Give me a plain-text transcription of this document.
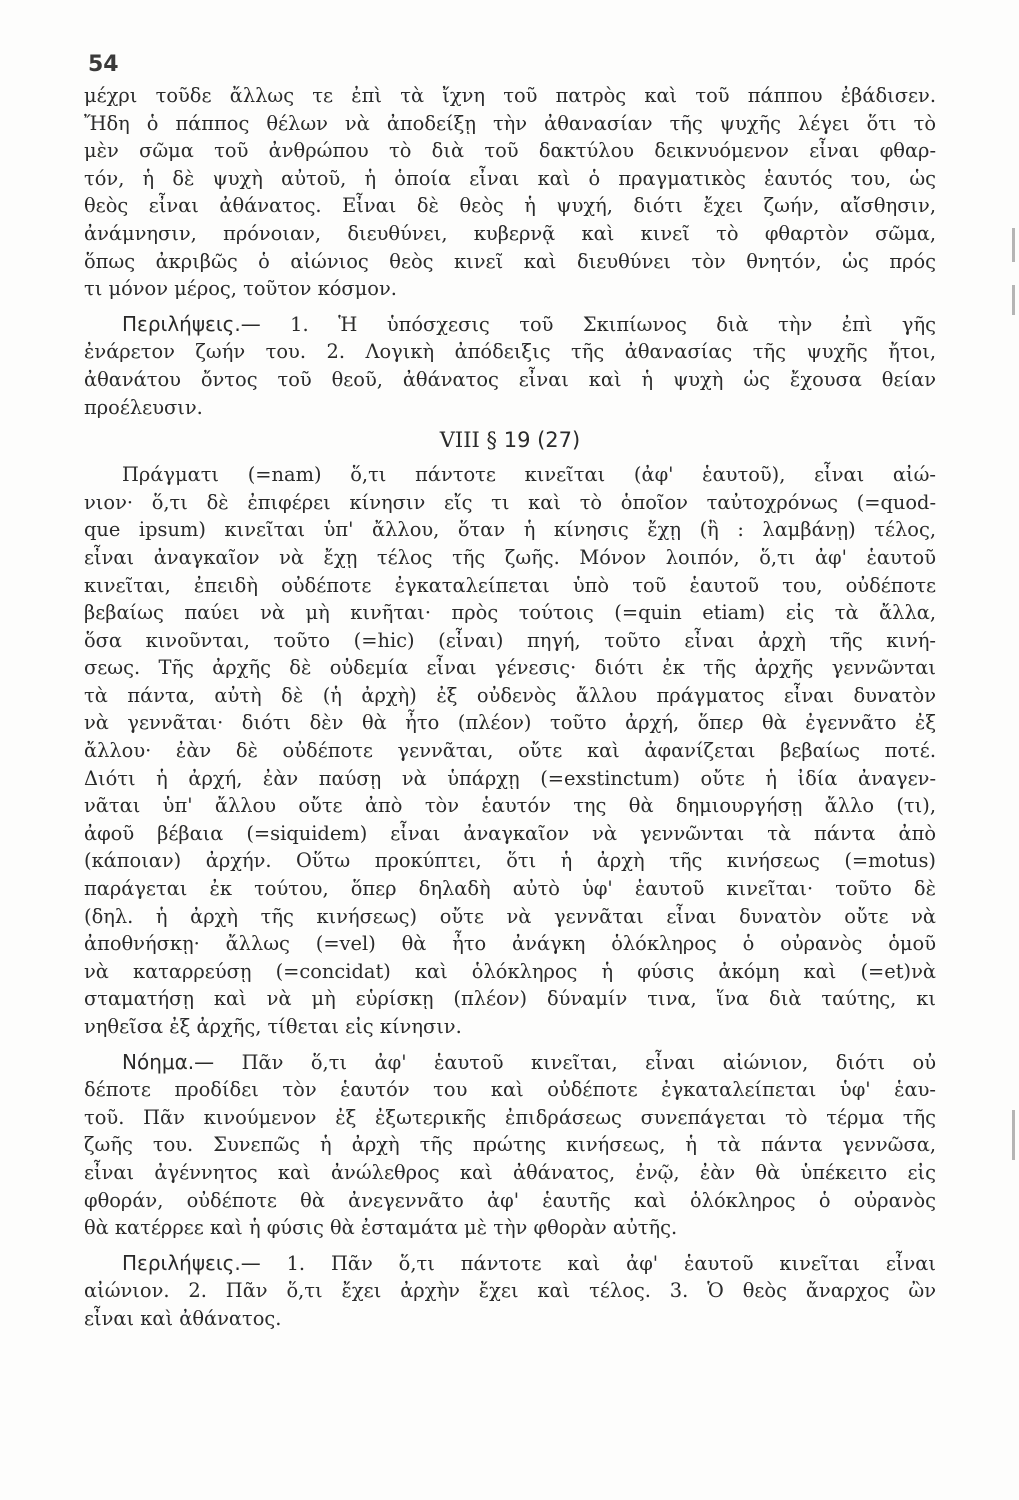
54
μέχρι τοῦδε ἄλλως τε ἐπὶ τὰ ἴχνη τοῦ πατρὸς καὶ τοῦ πάππου ἐβάδισεν.
Ἤδη ὁ πάππος θέλων νὰ ἀποδείξῃ τὴν ἀθανασίαν τῆς ψυχῆς λέγει ὅτι τὸ
μὲν σῶμα τοῦ ἀνθρώπου τὸ διὰ τοῦ δακτύλου δεικνυόμενον εἶναι φθαρ-
τόν, ἡ δὲ ψυχὴ αὐτοῦ, ἡ ὁποία εἶναι καὶ ὁ πραγματικὸς ἑαυτός του, ὡς
θεὸς εἶναι ἀθάνατος. Εἶναι δὲ θεὸς ἡ ψυχή, διότι ἔχει ζωήν, αἴσθησιν,
ἀνάμνησιν, πρόνοιαν, διευθύνει, κυβερνᾷ καὶ κινεῖ τὸ φθαρτὸν σῶμα,
ὅπως ἀκριβῶς ὁ αἰώνιος θεὸς κινεῖ καὶ διευθύνει τὸν θνητόν, ὡς πρός
τι μόνον μέρος, τοῦτον κόσμον.
Περιλήψεις.— 1. Ἡ ὑπόσχεσις τοῦ Σκιπίωνος διὰ τὴν ἐπὶ γῆς
ἐνάρετον ζωήν του. 2. Λογικὴ ἀπόδειξις τῆς ἀθανασίας τῆς ψυχῆς ἤτοι,
ἀθανάτου ὄντος τοῦ θεοῦ, ἀθάνατος εἶναι καὶ ἡ ψυχὴ ὡς ἔχουσα θείαν
προέλευσιν.
VIII § 19 (27)
Πράγματι (=nam) ὅ,τι πάντοτε κινεῖται (ἀφ' ἑαυτοῦ), εἶναι αἰώ-
νιον· ὅ,τι δὲ ἐπιφέρει κίνησιν εἴς τι καὶ τὸ ὁποῖον ταὐτοχρόνως (=quod-
que ipsum) κινεῖται ὑπ' ἄλλου, ὅταν ἡ κίνησις ἔχῃ (ἢ : λαμβάνῃ) τέλος,
εἶναι ἀναγκαῖον νὰ ἔχῃ τέλος τῆς ζωῆς. Μόνον λοιπόν, ὅ,τι ἀφ' ἑαυτοῦ
κινεῖται, ἐπειδὴ οὐδέποτε ἐγκαταλείπεται ὑπὸ τοῦ ἑαυτοῦ του, οὐδέποτε
βεβαίως παύει νὰ μὴ κινῆται· πρὸς τούτοις (=quin etiam) εἰς τὰ ἄλλα,
ὅσα κινοῦνται, τοῦτο (=hic) (εἶναι) πηγή, τοῦτο εἶναι ἀρχὴ τῆς κινή-
σεως. Τῆς ἀρχῆς δὲ οὐδεμία εἶναι γένεσις· διότι ἐκ τῆς ἀρχῆς γεννῶνται
τὰ πάντα, αὐτὴ δὲ (ἡ ἀρχὴ) ἐξ οὐδενὸς ἄλλου πράγματος εἶναι δυνατὸν
νὰ γεννᾶται· διότι δὲν θὰ ἦτο (πλέον) τοῦτο ἀρχή, ὅπερ θὰ ἐγεννᾶτο ἐξ
ἄλλου· ἐὰν δὲ οὐδέποτε γεννᾶται, οὔτε καὶ ἀφανίζεται βεβαίως ποτέ.
Διότι ἡ ἀρχή, ἐὰν παύσῃ νὰ ὑπάρχῃ (=exstinctum) οὔτε ἡ ἰδία ἀναγεν-
νᾶται ὑπ' ἄλλου οὔτε ἀπὸ τὸν ἑαυτόν της θὰ δημιουργήσῃ ἄλλο (τι),
ἀφοῦ βέβαια (=siquidem) εἶναι ἀναγκαῖον νὰ γεννῶνται τὰ πάντα ἀπὸ
(κάποιαν) ἀρχήν. Οὕτω προκύπτει, ὅτι ἡ ἀρχὴ τῆς κινήσεως (=motus)
παράγεται ἐκ τούτου, ὅπερ δηλαδὴ αὐτὸ ὑφ' ἑαυτοῦ κινεῖται· τοῦτο δὲ
(δηλ. ἡ ἀρχὴ τῆς κινήσεως) οὔτε νὰ γεννᾶται εἶναι δυνατὸν οὔτε νὰ
ἀποθνήσκῃ· ἄλλως (=vel) θὰ ἦτο ἀνάγκη ὁλόκληρος ὁ οὐρανὸς ὁμοῦ
νὰ καταρρεύσῃ (=concidat) καὶ ὁλόκληρος ἡ φύσις ἀκόμη καὶ (=et)νὰ
σταματήσῃ καὶ νὰ μὴ εὑρίσκῃ (πλέον) δύναμίν τινα, ἵνα διὰ ταύτης, κι
νηθεῖσα ἐξ ἀρχῆς, τίθεται εἰς κίνησιν.
Νόημα.— Πᾶν ὅ,τι ἀφ' ἑαυτοῦ κινεῖται, εἶναι αἰώνιον, διότι οὐ
δέποτε προδίδει τὸν ἑαυτόν του καὶ οὐδέποτε ἐγκαταλείπεται ὑφ' ἑαυ-
τοῦ. Πᾶν κινούμενον ἐξ ἐξωτερικῆς ἐπιδράσεως συνεπάγεται τὸ τέρμα τῆς
ζωῆς του. Συνεπῶς ἡ ἀρχὴ τῆς πρώτης κινήσεως, ἡ τὰ πάντα γεννῶσα,
εἶναι ἀγέννητος καὶ ἀνώλεθρος καὶ ἀθάνατος, ἐνῷ, ἐὰν θὰ ὑπέκειτο εἰς
φθοράν, οὐδέποτε θὰ ἀνεγεννᾶτο ἀφ' ἑαυτῆς καὶ ὁλόκληρος ὁ οὐρανὸς
θὰ κατέρρεε καὶ ἡ φύσις θὰ ἐσταμάτα μὲ τὴν φθορὰν αὐτῆς.
Περιλήψεις.— 1. Πᾶν ὅ,τι πάντοτε καὶ ἀφ' ἑαυτοῦ κινεῖται εἶναι
αἰώνιον. 2. Πᾶν ὅ,τι ἔχει ἀρχὴν ἔχει καὶ τέλος. 3. Ὁ θεὸς ἄναρχος ὢν
εἶναι καὶ ἀθάνατος.
